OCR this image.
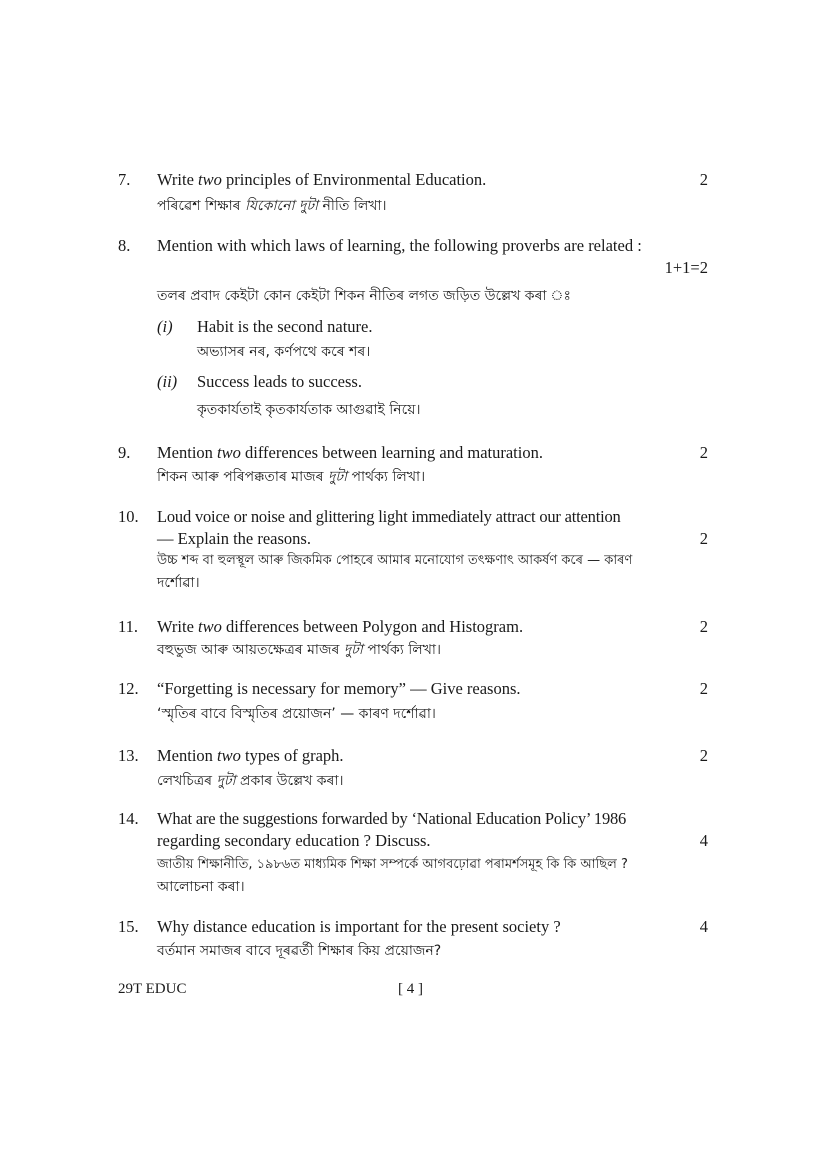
7. Write two principles of Environmental Education.	2
পৰিৱেশ শিক্ষাৰ যিকোনো দুটা নীতি লিখা।
8. Mention with which laws of learning, the following proverbs are related :
1+1=2
তলৰ প্ৰবাদ কেইটা কোন কেইটা শিকন নীতিৰ লগত জড়িত উল্লেখ কৰা ঃ
(i) Habit is the second nature.
অভ্যাসৰ নৰ, কৰ্ণপথে কৰে শৰ।
(ii) Success leads to success.
কৃতকাৰ্যতাই কৃতকাৰ্যতাক আগুৱাই নিয়ে।
9. Mention two differences between learning and maturation.	2
শিকন আৰু পৰিপক্কতাৰ মাজৰ দুটা পাৰ্থক্য লিখা।
10. Loud voice or noise and glittering light immediately attract our attention
— Explain the reasons.	2
উচ্চ শব্দ বা হুলস্থূল আৰু জিকমিক পোহৰে আমাৰ মনোযোগ তৎক্ষণাৎ আকৰ্ষণ কৰে — কাৰণ
দৰ্শোৱা।
11. Write two differences between Polygon and Histogram.	2
বহুভুজ আৰু আয়তক্ষেত্ৰৰ মাজৰ দুটা পাৰ্থক্য লিখা।
12. “Forgetting is necessary for memory” — Give reasons.	2
‘স্মৃতিৰ বাবে বিস্মৃতিৰ প্ৰয়োজন’ — কাৰণ দৰ্শোৱা।
13. Mention two types of graph.	2
লেখচিত্ৰৰ দুটা প্ৰকাৰ উল্লেখ কৰা।
14. What are the suggestions forwarded by ‘National Education Policy’ 1986
regarding secondary education ? Discuss.	4
জাতীয় শিক্ষানীতি, ১৯৮৬ত মাধ্যমিক শিক্ষা সম্পৰ্কে আগবঢ়োৱা পৰামৰ্শসমূহ কি কি আছিল ?
আলোচনা কৰা।
15. Why distance education is important for the present society ?	4
বৰ্তমান সমাজৰ বাবে দূৰৱৰ্তী শিক্ষাৰ কিয় প্ৰয়োজন?
29T EDUC	[ 4 ]
